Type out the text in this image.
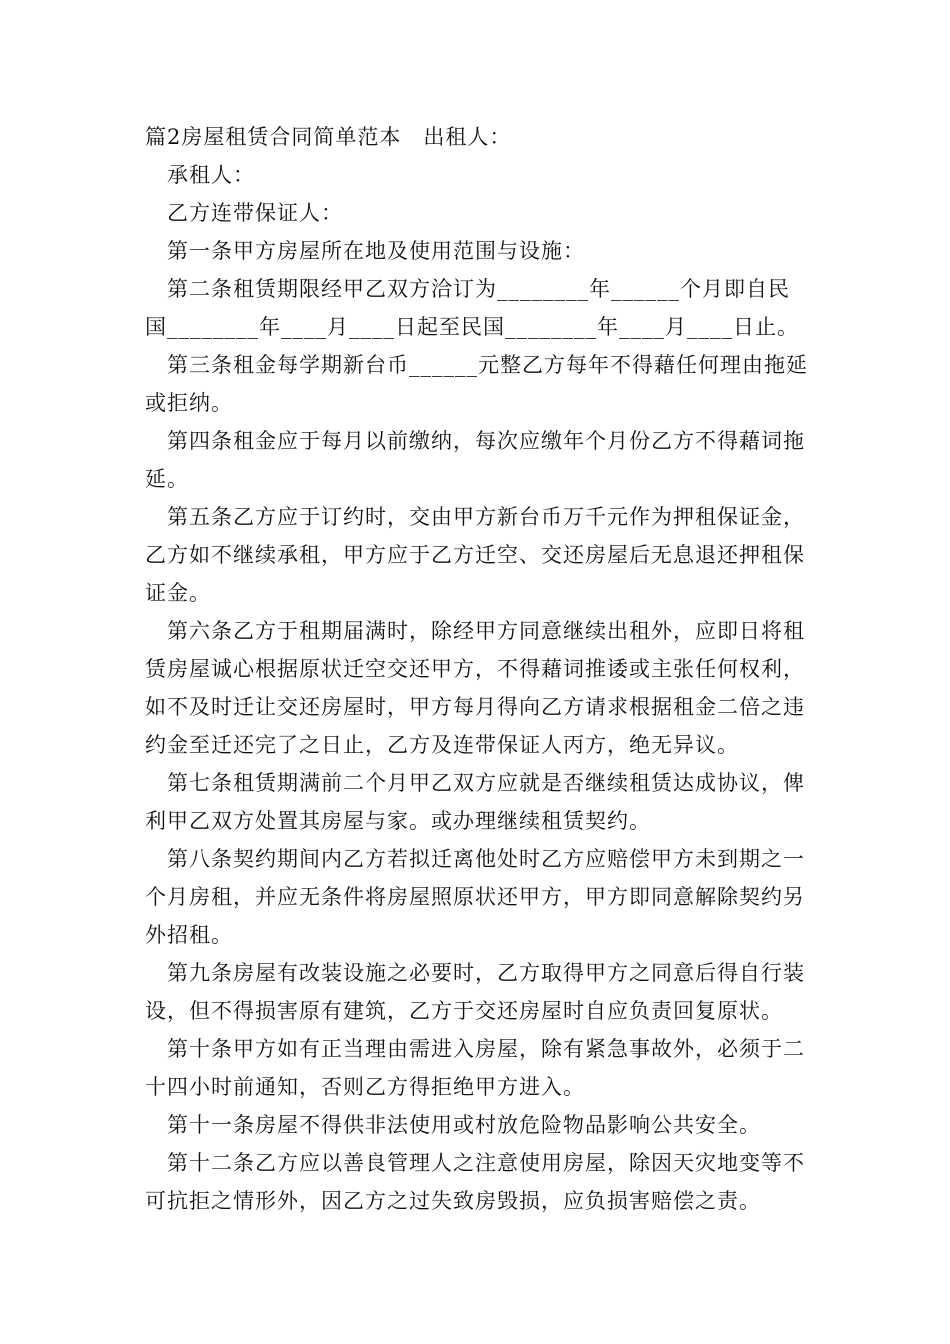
篇2房屋租赁合同简单范本　出租人：

承租人：

乙方连带保证人：

第一条甲方房屋所在地及使用范围与设施：

第二条租赁期限经甲乙双方洽订为________年______个月即自民国________年____月____日起至民国________年____月____日止。

第三条租金每学期新台币______元整乙方每年不得藉任何理由拖延或拒纳。

第四条租金应于每月以前缴纳，每次应缴年个月份乙方不得藉词拖延。

第五条乙方应于订约时，交由甲方新台币万千元作为押租保证金，乙方如不继续承租，甲方应于乙方迁空、交还房屋后无息退还押租保证金。

第六条乙方于租期届满时，除经甲方同意继续出租外，应即日将租赁房屋诚心根据原状迁空交还甲方，不得藉词推诿或主张任何权利，如不及时迁让交还房屋时，甲方每月得向乙方请求根据租金二倍之违约金至迁还完了之日止，乙方及连带保证人丙方，绝无异议。

第七条租赁期满前二个月甲乙双方应就是否继续租赁达成协议，俾利甲乙双方处置其房屋与家。或办理继续租赁契约。

第八条契约期间内乙方若拟迁离他处时乙方应赔偿甲方未到期之一个月房租，并应无条件将房屋照原状还甲方，甲方即同意解除契约另外招租。

第九条房屋有改装设施之必要时，乙方取得甲方之同意后得自行装设，但不得损害原有建筑，乙方于交还房屋时自应负责回复原状。

第十条甲方如有正当理由需进入房屋，除有紧急事故外，必须于二十四小时前通知，否则乙方得拒绝甲方进入。

第十一条房屋不得供非法使用或村放危险物品影响公共安全。

第十二条乙方应以善良管理人之注意使用房屋，除因天灾地变等不可抗拒之情形外，因乙方之过失致房毁损，应负损害赔偿之责。
